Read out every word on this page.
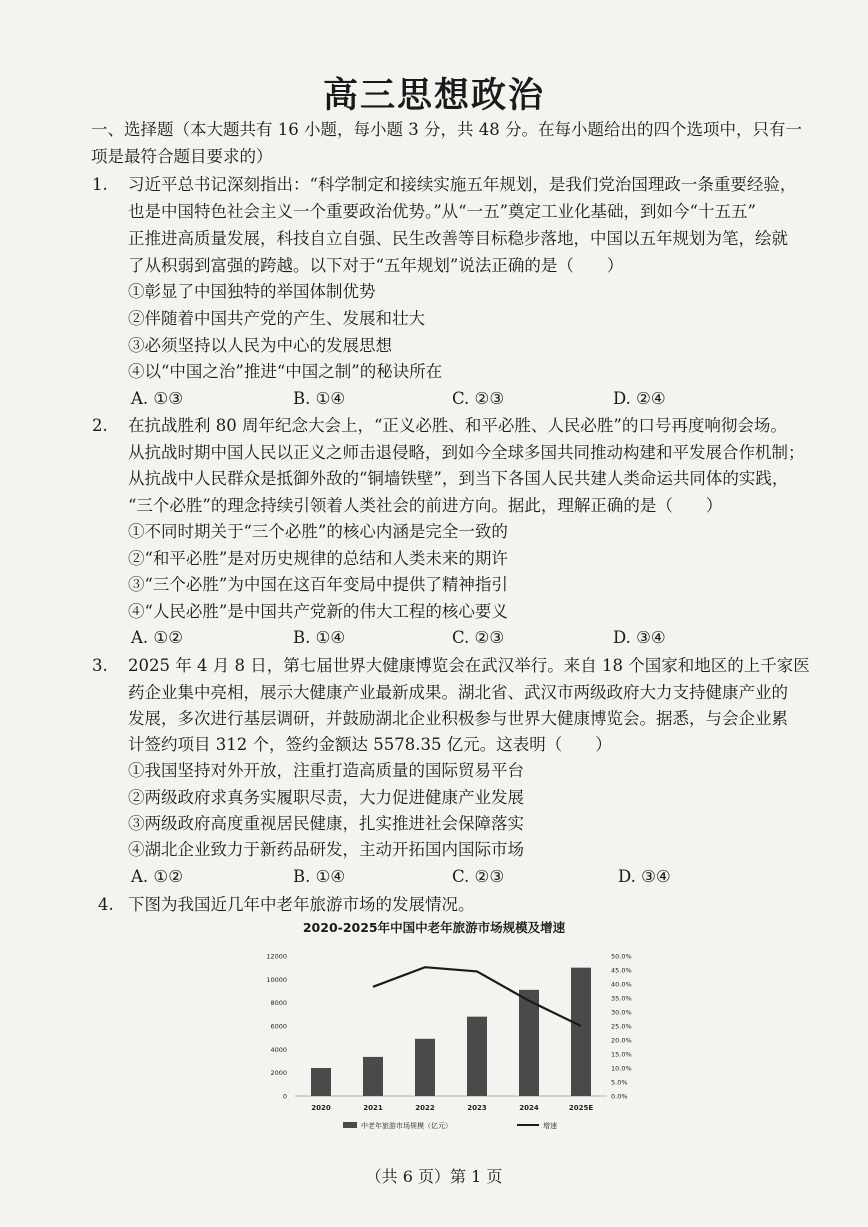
高三思想政治
一、选择题（本大题共有 16 小题，每小题 3 分，共 48 分。在每小题给出的四个选项中，只有一
项是最符合题目要求的）
1. 习近平总书记深刻指出：“科学制定和接续实施五年规划，是我们党治国理政一条重要经验，
也是中国特色社会主义一个重要政治优势。”从“一五”奠定工业化基础，到如今“十五五”
正推进高质量发展，科技自立自强、民生改善等目标稳步落地，中国以五年规划为笔，绘就
了从积弱到富强的跨越。以下对于“五年规划”说法正确的是（　　）
①彰显了中国独特的举国体制优势
②伴随着中国共产党的产生、发展和壮大
③必须坚持以人民为中心的发展思想
④以“中国之治”推进“中国之制”的秘诀所在
A. ①③	B. ①④	C. ②③	D. ②④
2. 在抗战胜利 80 周年纪念大会上，“正义必胜、和平必胜、人民必胜”的口号再度响彻会场。
从抗战时期中国人民以正义之师击退侵略，到如今全球多国共同推动构建和平发展合作机制；
从抗战中人民群众是抵御外敌的“铜墙铁壁”，到当下各国人民共建人类命运共同体的实践，
“三个必胜”的理念持续引领着人类社会的前进方向。据此，理解正确的是（　　）
①不同时期关于“三个必胜”的核心内涵是完全一致的
②“和平必胜”是对历史规律的总结和人类未来的期许
③“三个必胜”为中国在这百年变局中提供了精神指引
④“人民必胜”是中国共产党新的伟大工程的核心要义
A. ①②	B. ①④	C. ②③	D. ③④
3. 2025 年 4 月 8 日，第七届世界大健康博览会在武汉举行。来自 18 个国家和地区的上千家医
药企业集中亮相，展示大健康产业最新成果。湖北省、武汉市两级政府大力支持健康产业的
发展，多次进行基层调研，并鼓励湖北企业积极参与世界大健康博览会。据悉，与会企业累
计签约项目 312 个，签约金额达 5578.35 亿元。这表明（　　）
①我国坚持对外开放，注重打造高质量的国际贸易平台
②两级政府求真务实履职尽责，大力促进健康产业发展
③两级政府高度重视居民健康，扎实推进社会保障落实
④湖北企业致力于新药品研发，主动开拓国内国际市场
A. ①②	B. ①④	C. ②③	D. ③④
4. 下图为我国近几年中老年旅游市场的发展情况。
2020-2025年中国中老年旅游市场规模及增速
0
2000
4000
6000
8000
10000
12000
0.0%
5.0%
10.0%
15.0%
20.0%
25.0%
30.0%
35.0%
40.0%
45.0%
50.0%
2020	2021	2022	2023	2024	2025E
中老年旅游市场规模（亿元）	增速
（共 6 页）第 1 页
